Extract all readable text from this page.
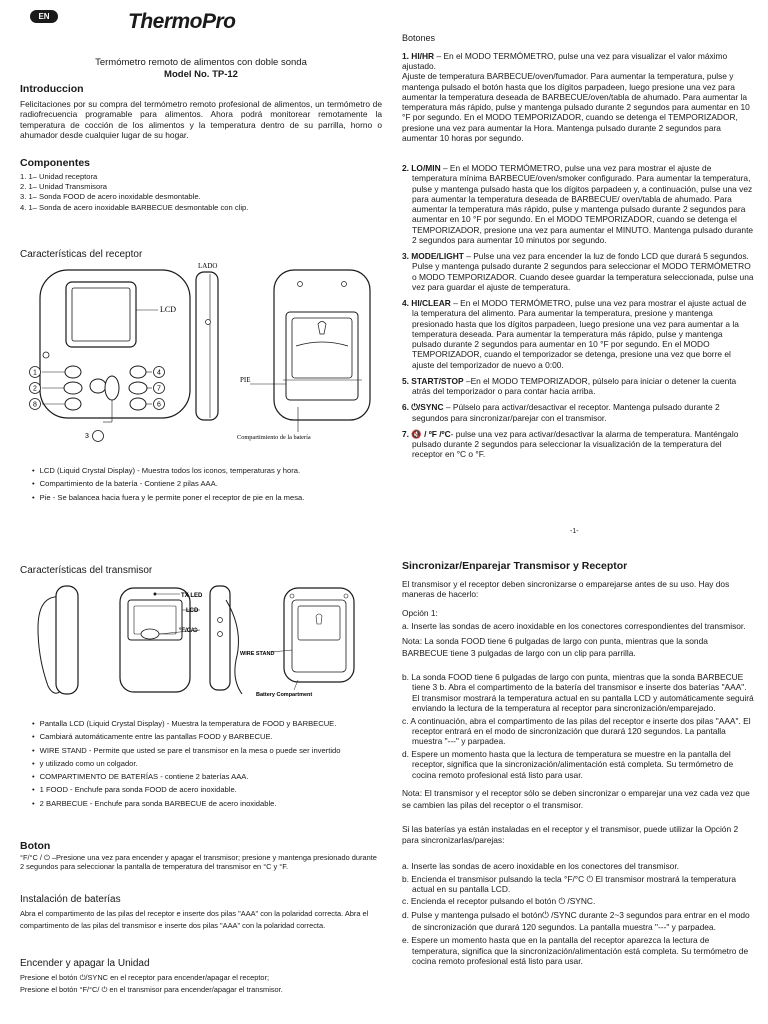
EN	ThermoPro
Termómetro remoto de alimentos con doble sonda
Model No. TP-12
Introduccion

Felicitaciones por su compra del termómetro remoto profesional de alimentos, un termómetro de radiofrecuencia programable para alimentos. Ahora podrá monitorear remotamente la temperatura de cocción de los alimentos y la temperatura dentro de su parrilla, horno o ahumador desde cualquier lugar de su hogar.

Componentes
1. 1– Unidad receptora
2. 1– Unidad Transmisora
3. 1– Sonda FOOD de acero inoxidable desmontable.
4. 1– Sonda de acero inoxidable BARBECUE desmontable con clip.
Características del receptor
1
2
8
4
7
6
3
LCD
LADO
PIE
Compartimiento de la batería
• LCD (Liquid Crystal Display) - Muestra todos los iconos, temperaturas y hora.
• Compartimiento de la batería - Contiene 2 pilas AAA.
• Pie - Se balancea hacia fuera y le permite poner el receptor de pie en la mesa.
Características del transmisor
TX LED
LCD
°F/C/⏻
WIRE STAND
Battery Compartment
• Pantalla LCD (Liquid Crystal Display) - Muestra la temperatura de FOOD y BARBECUE.
• Cambiará automáticamente entre las pantallas FOOD y BARBECUE.
• WIRE STAND - Permite que usted se pare el transmisor en la mesa o puede ser invertido
• y utilizado como un colgador.
• COMPARTIMENTO DE BATERÍAS - contiene 2 baterías AAA.
• 1 FOOD - Enchufe para sonda FOOD de acero inoxidable.
• 2 BARBECUE - Enchufe para sonda BARBECUE de acero inoxidable.
Boton

°F/°C / ⏻ –Presione una vez para encender y apagar el transmisor; presione y mantenga presionado durante 2 segundos para seleccionar la pantalla de temperatura del transmisor en °C y °F.

Instalación de baterías

Abra el compartimento de las pilas del receptor e inserte dos pilas "AAA" con la polaridad correcta. Abra el compartimento de las pilas del transmisor e inserte dos pilas "AAA" con la polaridad correcta.

Encender y apagar la Unidad

Presione el botón ⏻/SYNC en el receptor para encender/apagar el receptor;

Presione el botón °F/°C/ ⏻ en el transmisor para encender/apagar el transmisor.

Botones
1. HI/HR – En el MODO TERMÓMETRO, pulse una vez para visualizar el valor máximo ajustado.
Ajuste de temperatura BARBECUE/oven/fumador. Para aumentar la temperatura, pulse y mantenga pulsado el botón hasta que los dígitos parpadeen, luego presione una vez para aumentar la temperatura deseada de BARBECUE/oven/tabla de ahumado. Para aumentar la temperatura más rápido, pulse y mantenga pulsado durante 2 segundos para aumentar en 10 °F por segundo. En el MODO TEMPORIZADOR, cuando se detenga el TEMPORIZADOR, presione una vez para aumentar la Hora. Mantenga pulsado durante 2 segundos para aumentar 10 horas por segundo.
2. LO/MIN – En el MODO TERMÓMETRO, pulse una vez para mostrar el ajuste de temperatura mínima BARBECUE/oven/smoker configurado. Para aumentar la temperatura, pulse y mantenga pulsado hasta que los dígitos parpadeen y, a continuación, pulse una vez para aumentar la temperatura deseada de BARBECUE/ oven/tabla de ahumado. Para aumentar la temperatura más rápido, pulse y mantenga pulsado durante 2 segundos para aumentar en 10 °F por segundo. En el MODO TEMPORIZADOR, cuando se detenga el TEMPORIZADOR, presione una vez para aumentar el MINUTO. Mantenga pulsado durante 2 segundos para aumentar 10 minutos por segundo.
3. MODE/LIGHT – Pulse una vez para encender la luz de fondo LCD que durará 5 segundos. Pulse y mantenga pulsado durante 2 segundos para seleccionar el MODO TERMÓMETRO o MODO TEMPORIZADOR. Cuando desee guardar la temperatura seleccionada, pulse una vez para guardar el ajuste de temperatura.
4. HI/CLEAR – En el MODO TERMÓMETRO, pulse una vez para mostrar el ajuste actual de la temperatura del alimento. Para aumentar la temperatura, presione y mantenga presionado hasta que los dígitos parpadeen, luego presione una vez para aumentar a la temperatura deseada. Para aumentar la temperatura más rápido, pulse y mantenga pulsado durante 2 segundos para aumentar en 10 °F por segundo. En el MODO TEMPORIZADOR, cuando el temporizador se detenga, presione una vez que borre el ajuste del temporizador de nuevo a 0:00.
5. START/STOP –En el MODO TEMPORIZADOR, púlselo para iniciar o detener la cuenta atrás del temporizador o para contar hacia arriba.
6. ⏻/SYNC – Púlselo para activar/desactivar el receptor. Mantenga pulsado durante 2 segundos para sincronizar/parejar con el transmisor.
7. 🔇 / ºF /ºC- pulse una vez para activar/desactivar la alarma de temperatura. Manténgalo pulsado durante 2 segundos para seleccionar la visualización de la temperatura del receptor en °C o °F.
-1-
Sincronizar/Enparejar Transmisor y Receptor

El transmisor y el receptor deben sincronizarse o emparejarse antes de su uso. Hay dos maneras de hacerlo:

Opción 1:

a. Inserte las sondas de acero inoxidable en los conectores correspondientes del transmisor.

Nota: La sonda FOOD tiene 6 pulgadas de largo con punta, mientras que la sonda BARBECUE tiene 3 pulgadas de largo con un clip para parrilla.

b. La sonda FOOD tiene 6 pulgadas de largo con punta, mientras que la sonda BARBECUE tiene 3 b. Abra el compartimento de la batería del transmisor e inserte dos baterías "AAA". El transmisor mostrará la temperatura actual en su pantalla LCD y automáticamente seguirá enviando la lectura de la temperatura al receptor para sincronización/emparejado.

c. A continuación, abra el compartimento de las pilas del receptor e inserte dos pilas "AAA". El receptor entrará en el modo de sincronización que durará 120 segundos. La pantalla muestra "---" y parpadea.

d. Espere un momento hasta que la lectura de temperatura se muestre en la pantalla del receptor, significa que la sincronización/alimentación está completa. Su termómetro de cocina remoto profesional está listo para usar.

Nota: El transmisor y el receptor sólo se deben sincronizar o emparejar una vez cada vez que se cambien las pilas del receptor o el transmisor.

Si las baterías ya están instaladas en el receptor y el transmisor, puede utilizar la Opción 2 para sincronizarlas/parejas:

a. Inserte las sondas de acero inoxidable en los conectores del transmisor.

b. Encienda el transmisor pulsando la tecla °F/°C ⏻ El transmisor mostrará la temperatura actual en su pantalla LCD.

c. Encienda el receptor pulsando el botón ⏻ /SYNC.

d. Pulse y mantenga pulsado el botón⏻ /SYNC durante 2~3 segundos para entrar en el modo de sincronización que durará 120 segundos. La pantalla muestra "---" y parpadea.

e. Espere un momento hasta que en la pantalla del receptor aparezca la lectura de temperatura, significa que la sincronización/alimentación está completa. Su termómetro de cocina remoto profesional está listo para usar.
